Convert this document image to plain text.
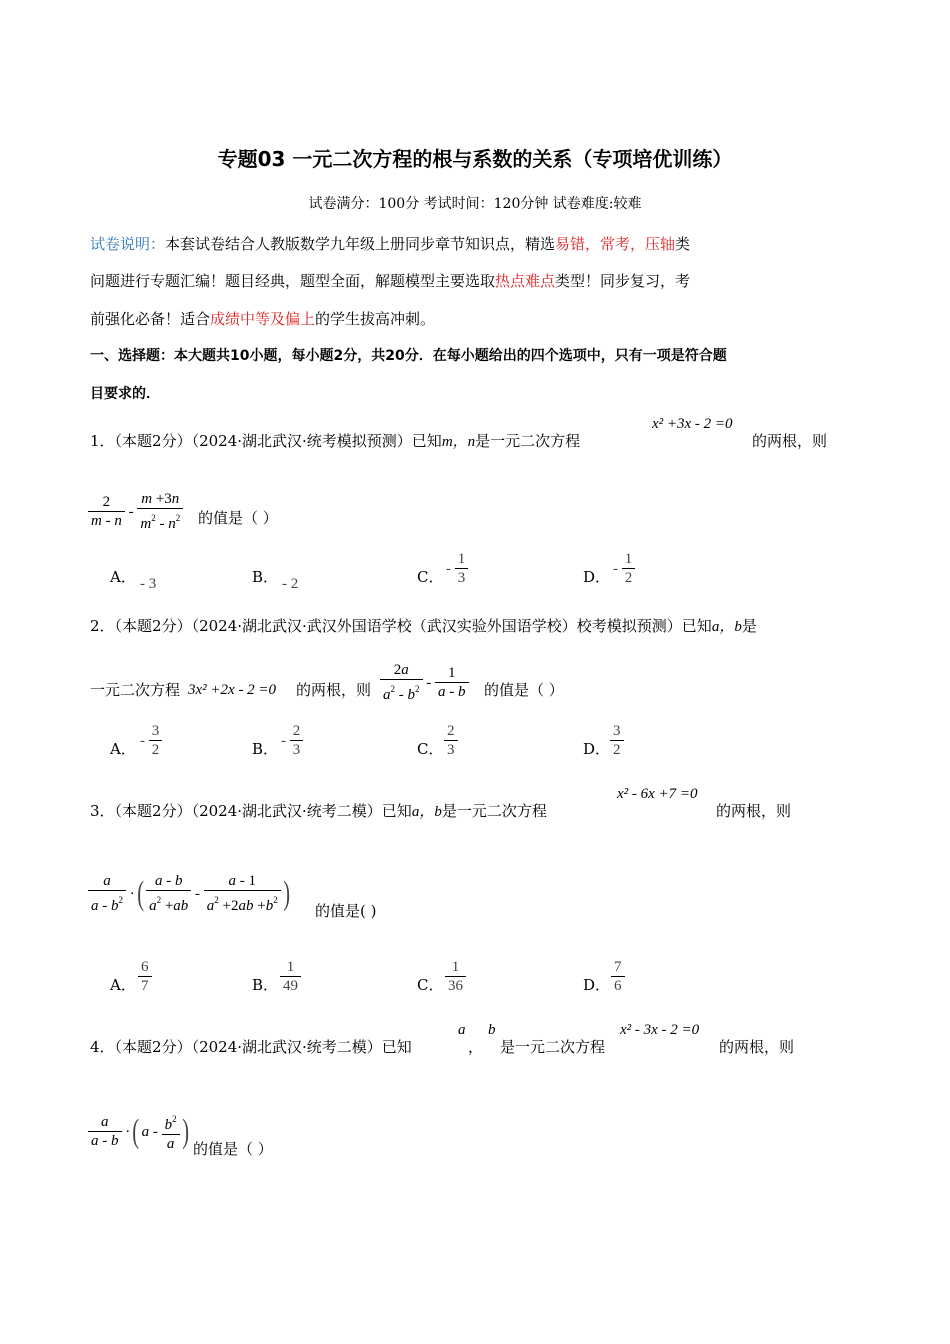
专题03 一元二次方程的根与系数的关系（专项培优训练）
试卷满分：100分 考试时间：120分钟 试卷难度:较难
试卷说明：本套试卷结合人教版数学九年级上册同步章节知识点，精选易错，常考，压轴类
问题进行专题汇编！题目经典，题型全面，解题模型主要选取热点难点类型！同步复习，考
前强化必备！适合成绩中等及偏上的学生拔高冲刺。
一、选择题：本大题共10小题，每小题2分，共20分．在每小题给出的四个选项中，只有一项是符合题
目要求的．
1．（本题2分）（2024·湖北武汉·统考模拟预测）已知m，n是一元二次方程
x² +3x - 2 =0
的两根，则
$\frac{2}{m - n} - \frac{m +3n}{m^2 - n^2}$ 的值是（ ）
A． - 3	B． - 2	C． - $\frac{1}{3}$	D． - $\frac{1}{2}$
2．（本题2分）（2024·湖北武汉·武汉外国语学校（武汉实验外国语学校）校考模拟预测）已知a，b是
一元二次方程 3x² +2x - 2 =0 的两根，则 $\frac{2a}{a^2 - b^2} - \frac{1}{a - b}$ 的值是（ ）
A． - $\frac{3}{2}$	B． - $\frac{2}{3}$	C． $\frac{2}{3}$	D． $\frac{3}{2}$
3．（本题2分）（2024·湖北武汉·统考二模）已知a，b是一元二次方程
x² - 6x +7 =0
的两根，则
$\frac{a}{a - b^2}$ ·( $\frac{a - b}{a^2 +ab} - \frac{a - 1}{a^2 +2ab +b^2}$ ) 的值是( )
A． $\frac{6}{7}$	B． $\frac{1}{49}$	C． $\frac{1}{36}$	D． $\frac{7}{6}$
4．（本题2分）（2024·湖北武汉·统考二模）已知
a
，
b
是一元二次方程
x² - 3x - 2 =0
的两根，则
$\frac{a}{a - b}$ ·( a - $\frac{b^2}{a}$ ) 的值是（ ）
